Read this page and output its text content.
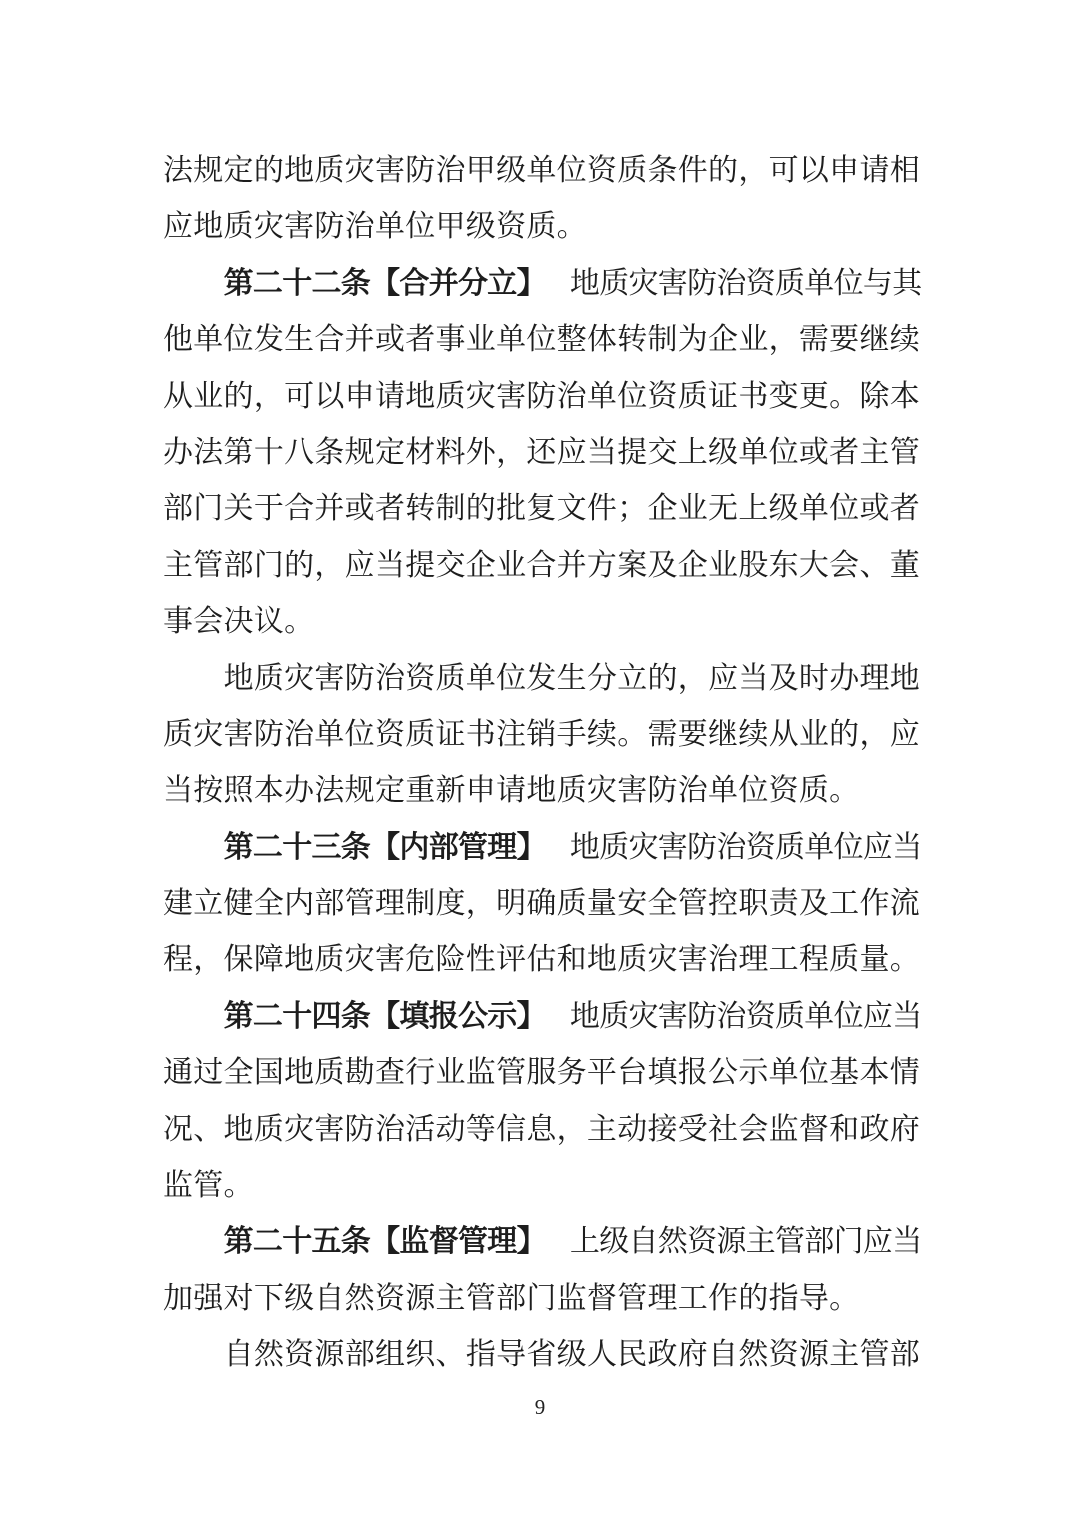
法规定的地质灾害防治甲级单位资质条件的，可以申请相
应地质灾害防治单位甲级资质。
第二十二条【合并分立】 地质灾害防治资质单位与其
他单位发生合并或者事业单位整体转制为企业，需要继续
从业的，可以申请地质灾害防治单位资质证书变更。除本
办法第十八条规定材料外，还应当提交上级单位或者主管
部门关于合并或者转制的批复文件；企业无上级单位或者
主管部门的，应当提交企业合并方案及企业股东大会、董
事会决议。
地质灾害防治资质单位发生分立的，应当及时办理地
质灾害防治单位资质证书注销手续。需要继续从业的，应
当按照本办法规定重新申请地质灾害防治单位资质。
第二十三条【内部管理】 地质灾害防治资质单位应当
建立健全内部管理制度，明确质量安全管控职责及工作流
程，保障地质灾害危险性评估和地质灾害治理工程质量。
第二十四条【填报公示】 地质灾害防治资质单位应当
通过全国地质勘查行业监管服务平台填报公示单位基本情
况、地质灾害防治活动等信息，主动接受社会监督和政府
监管。
第二十五条【监督管理】 上级自然资源主管部门应当
加强对下级自然资源主管部门监督管理工作的指导。
自然资源部组织、指导省级人民政府自然资源主管部
9
